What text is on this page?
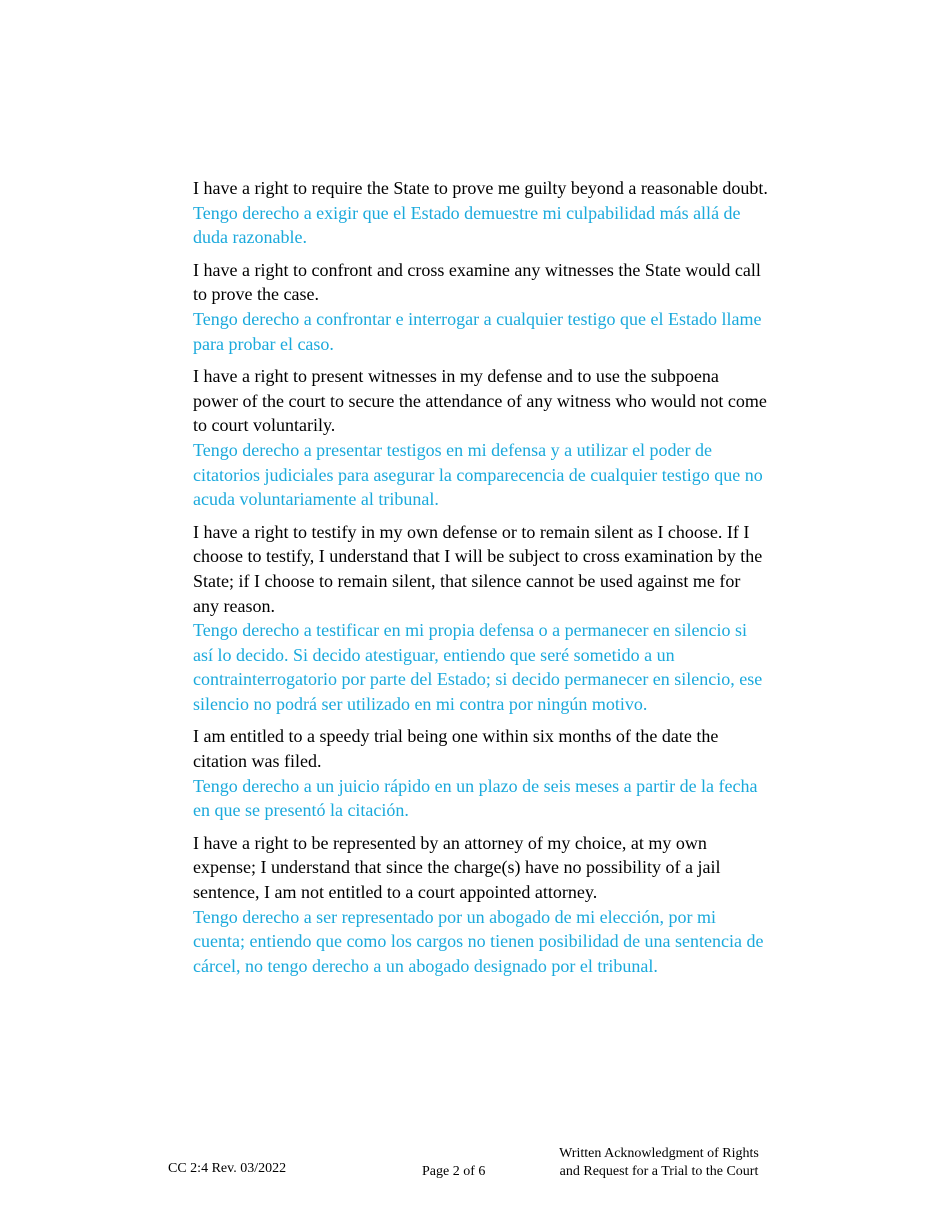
I have a right to require the State to prove me guilty beyond a reasonable doubt.
Tengo derecho a exigir que el Estado demuestre mi culpabilidad más allá de
duda razonable.
I have a right to confront and cross examine any witnesses the State would call
to prove the case.
Tengo derecho a confrontar e interrogar a cualquier testigo que el Estado llame
para probar el caso.
I have a right to present witnesses in my defense and to use the subpoena
power of the court to secure the attendance of any witness who would not come
to court voluntarily.
Tengo derecho a presentar testigos en mi defensa y a utilizar el poder de
citatorios judiciales para asegurar la comparecencia de cualquier testigo que no
acuda voluntariamente al tribunal.
I have a right to testify in my own defense or to remain silent as I choose. If I
choose to testify, I understand that I will be subject to cross examination by the
State; if I choose to remain silent, that silence cannot be used against me for
any reason.
Tengo derecho a testificar en mi propia defensa o a permanecer en silencio si
así lo decido. Si decido atestiguar, entiendo que seré sometido a un
contrainterrogatorio por parte del Estado; si decido permanecer en silencio, ese
silencio no podrá ser utilizado en mi contra por ningún motivo.
I am entitled to a speedy trial being one within six months of the date the
citation was filed.
Tengo derecho a un juicio rápido en un plazo de seis meses a partir de la fecha
en que se presentó la citación.
I have a right to be represented by an attorney of my choice, at my own
expense; I understand that since the charge(s) have no possibility of a jail
sentence, I am not entitled to a court appointed attorney.
Tengo derecho a ser representado por un abogado de mi elección, por mi
cuenta; entiendo que como los cargos no tienen posibilidad de una sentencia de
cárcel, no tengo derecho a un abogado designado por el tribunal.
CC 2:4 Rev. 03/2022	Page 2 of 6
Written Acknowledgment of Rights
and Request for a Trial to the Court
